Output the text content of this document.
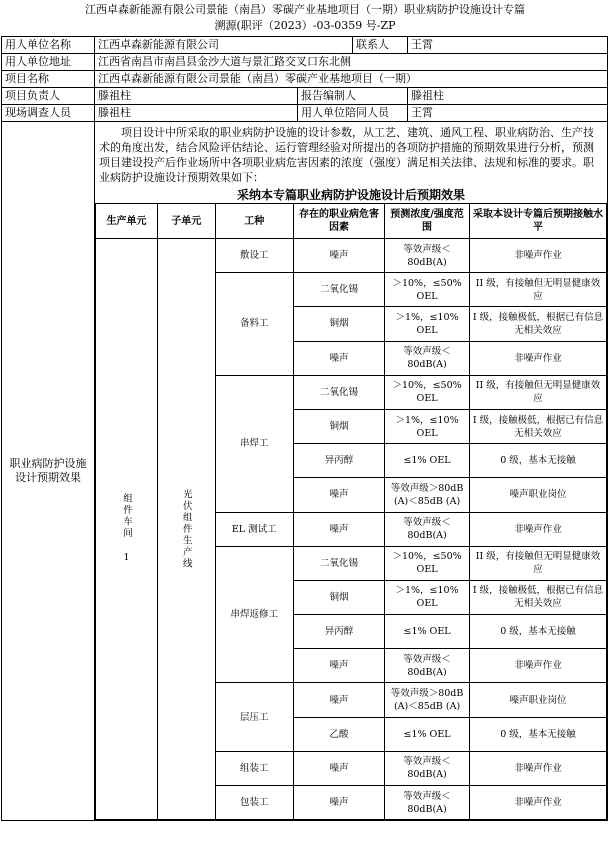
江西卓森新能源有限公司景能（南昌）零碳产业基地项目（一期）职业病防护设施设计专篇
溯源(职评（2023）-03-0359 号-ZP
用人单位名称	江西卓森新能源有限公司	联系人	王霄
用人单位地址	江西省南昌市南昌县金沙大道与景汇路交叉口东北侧
项目名称	江西卓森新能源有限公司景能（南昌）零碳产业基地项目（一期）
项目负责人	滕祖柱	报告编制人	滕祖柱
现场调查人员	滕祖柱	用人单位陪同人员	王霄
职业病防护设施设计预期效果	
项目设计中所采取的职业病防护设施的设计参数，从工艺、建筑、通风工程、职业病防治、生产技术的角度出发，结合风险评估结论、运行管理经验对所提出的各项防护措施的预期效果进行分析，预测项目建设投产后作业场所中各项职业病危害因素的浓度（强度）满足相关法律、法规和标准的要求。职业病防护设施设计预期效果如下：
采纳本专篇职业病防护设施设计后预期效果
生产单元	子单元	工种	存在的职业病危害因素	预测浓度/强度范围	采取本设计专篇后预期接触水平

组件车间 1	光伏组件生产线
	敷设工	噪声	等效声级＜80dB(A)	非噪声作业
备料工	二氧化锡	＞10%，≤50% OEL	II 级，有接触但无明显健康效应
铜烟	＞1%，≤10% OEL	I 级，接触极低，根据已有信息无相关效应
噪声	等效声级＜80dB(A)	非噪声作业
串焊工	二氧化锡	＞10%，≤50% OEL	II 级，有接触但无明显健康效应
铜烟	＞1%，≤10% OEL	I 级，接触极低，根据已有信息无相关效应
异丙醇	≤1% OEL	0 级，基本无接触
噪声	等效声级＞80dB (A)＜85dB (A)	噪声职业岗位
EL 测试工	噪声	等效声级＜80dB(A)	非噪声作业
串焊返修工	二氧化锡	＞10%，≤50% OEL	II 级，有接触但无明显健康效应
铜烟	＞1%，≤10% OEL	I 级，接触极低，根据已有信息无相关效应
异丙醇	≤1% OEL	0 级，基本无接触
噪声	等效声级＜80dB(A)	非噪声作业
层压工	噪声	等效声级＞80dB (A)＜85dB (A)	噪声职业岗位
乙酸	≤1% OEL	0 级，基本无接触
组装工	噪声	等效声级＜80dB(A)	非噪声作业
包装工	噪声	等效声级＜80dB(A)	非噪声作业
